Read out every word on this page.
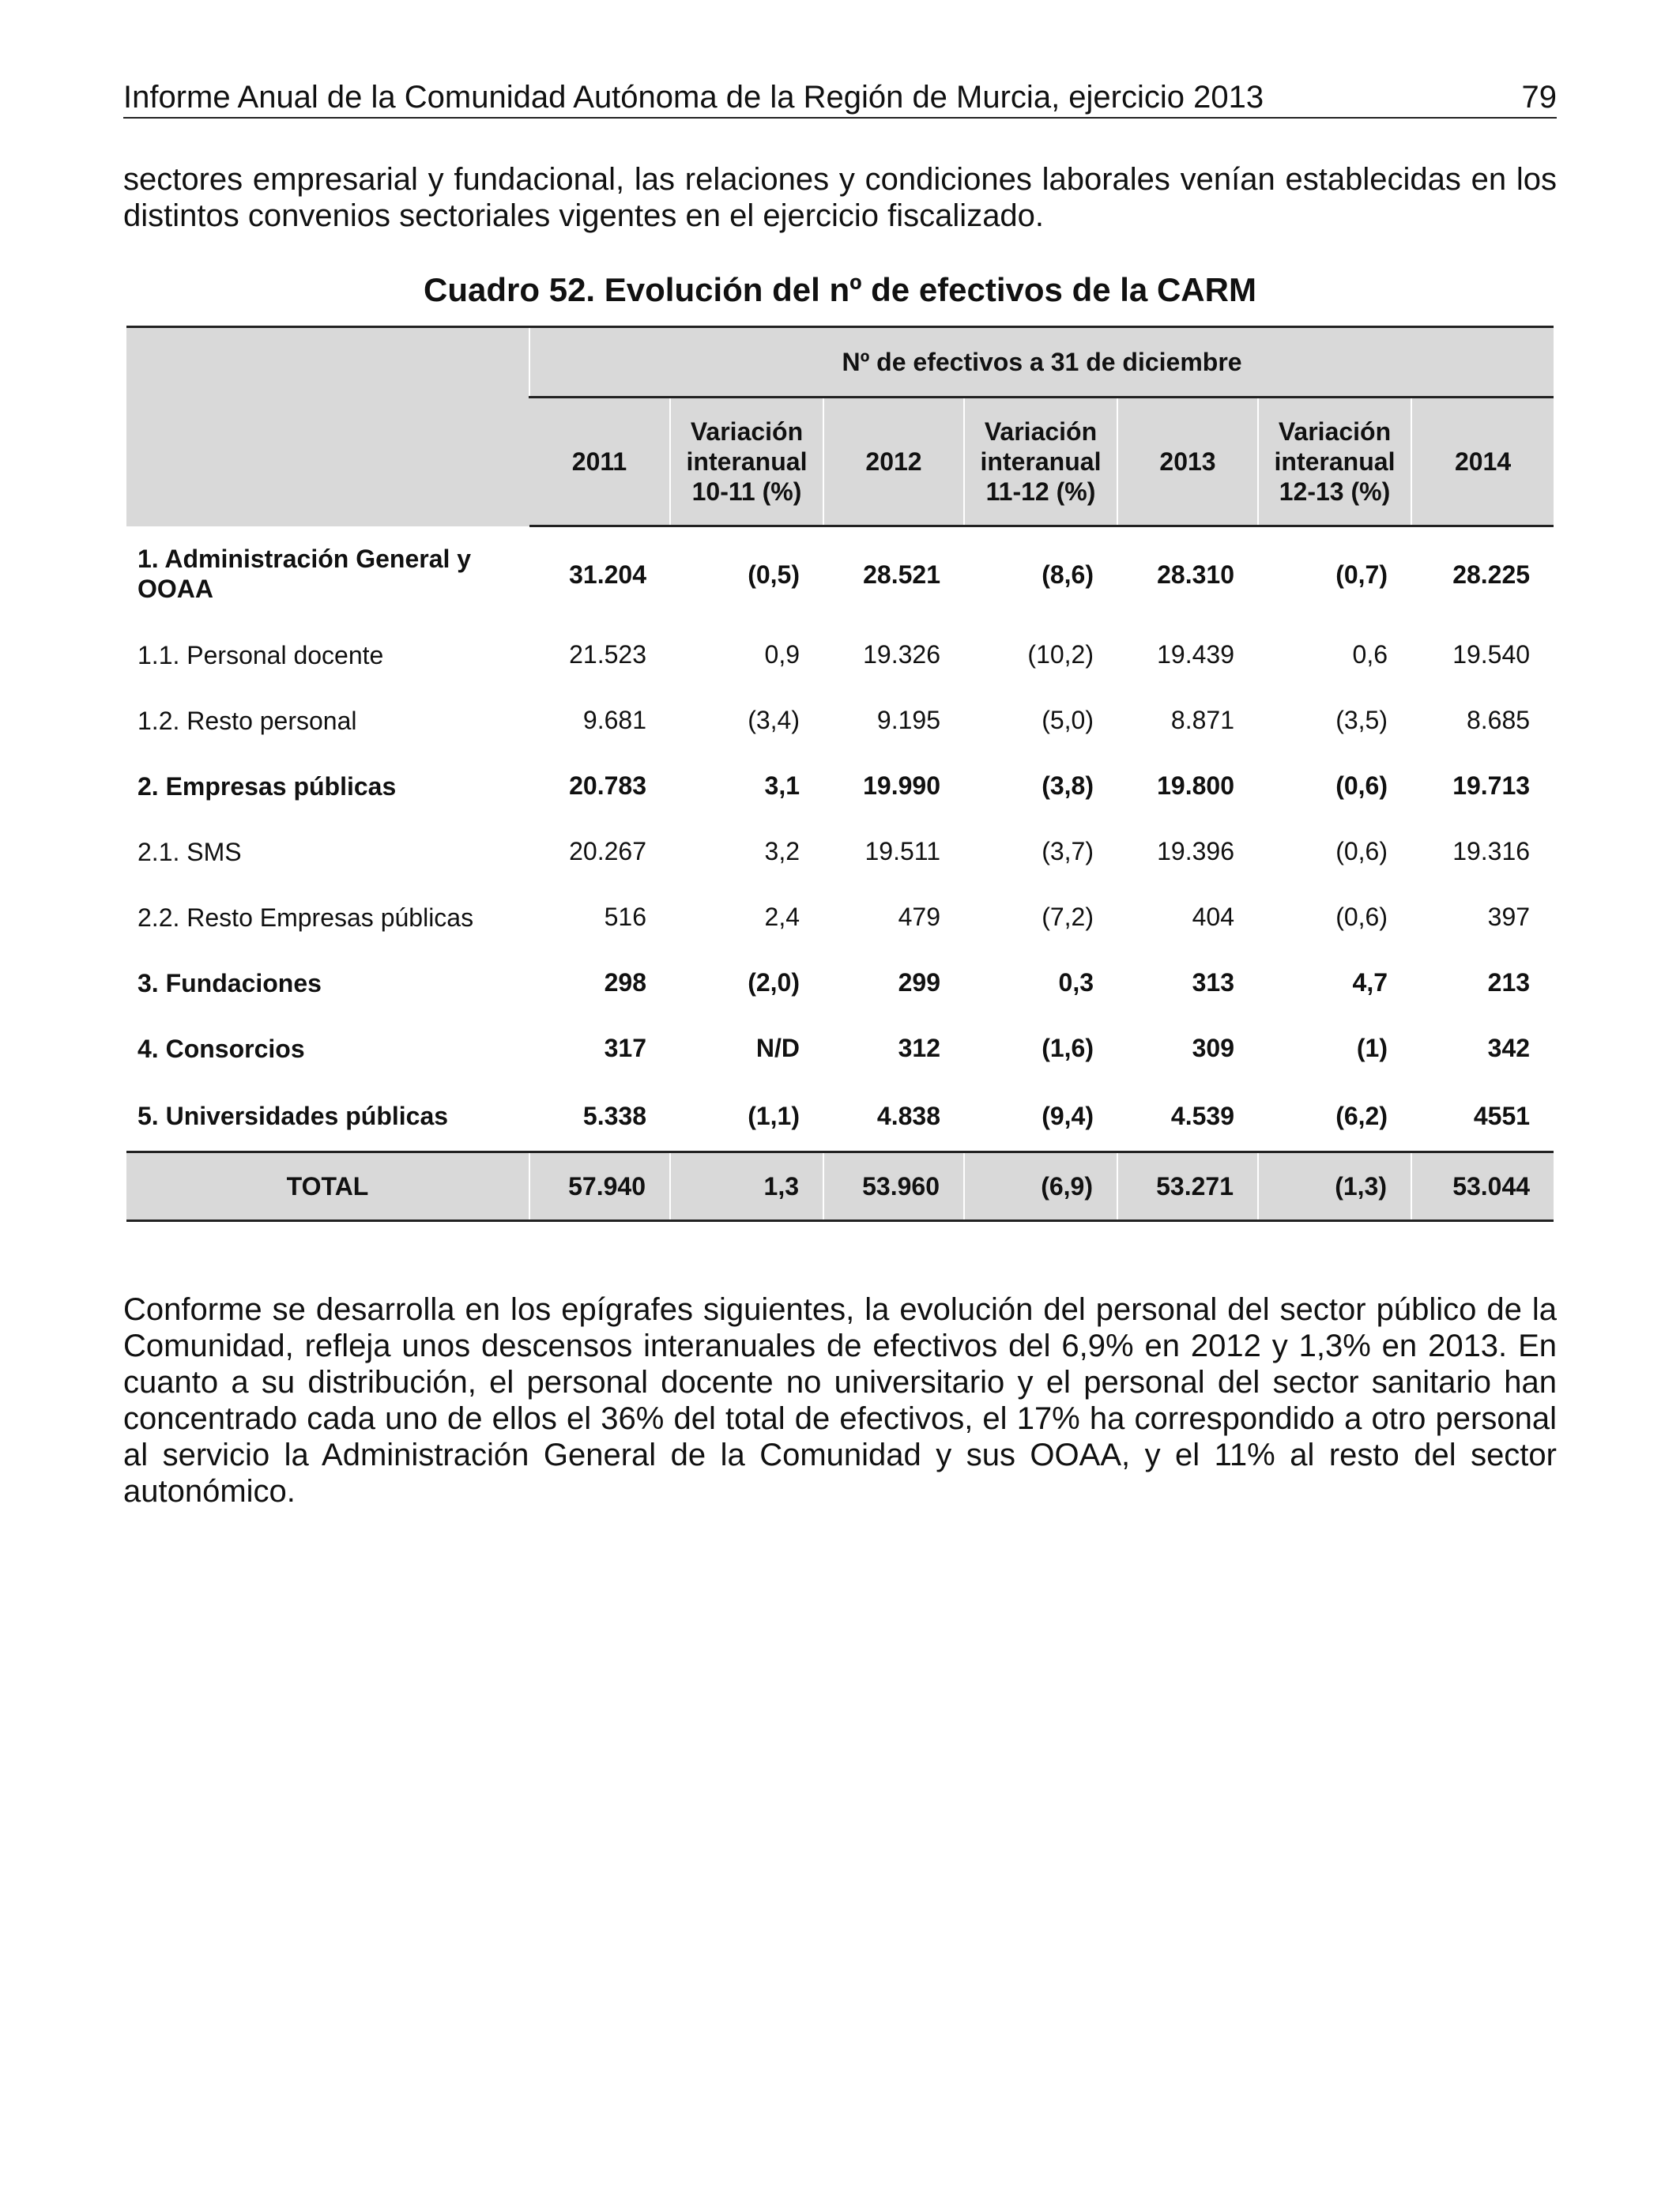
Informe Anual de la Comunidad Autónoma de la Región de Murcia, ejercicio 2013	79

sectores empresarial y fundacional, las relaciones y condiciones laborales venían establecidas en los distintos convenios sectoriales vigentes en el ejercicio fiscalizado.

Cuadro 52. Evolución del nº de efectivos de la CARM
	Nº de efectivos a 31 de diciembre						
	2011	Variación interanual 10-11 (%)	2012	Variación interanual 11-12 (%)	2013	Variación interanual 12-13 (%)	2014
1. Administración General y OOAA	31.204	(0,5)	28.521	(8,6)	28.310	(0,7)	28.225
1.1. Personal docente	21.523	0,9	19.326	(10,2)	19.439	0,6	19.540
1.2. Resto personal	9.681	(3,4)	9.195	(5,0)	8.871	(3,5)	8.685
2. Empresas públicas	20.783	3,1	19.990	(3,8)	19.800	(0,6)	19.713
2.1. SMS	20.267	3,2	19.511	(3,7)	19.396	(0,6)	19.316
2.2. Resto Empresas públicas	516	2,4	479	(7,2)	404	(0,6)	397
3. Fundaciones	298	(2,0)	299	0,3	313	4,7	213
4. Consorcios	317	N/D	312	(1,6)	309	(1)	342
5. Universidades públicas	5.338	(1,1)	4.838	(9,4)	4.539	(6,2)	4551
TOTAL	57.940	1,3	53.960	(6,9)	53.271	(1,3)	53.044

Conforme se desarrolla en los epígrafes siguientes, la evolución del personal del sector público de la Comunidad, refleja unos descensos interanuales de efectivos del 6,9% en 2012 y 1,3% en 2013. En cuanto a su distribución, el personal docente no universitario y el personal del sector sanitario han concentrado cada uno de ellos el 36% del total de efectivos, el 17% ha correspondido a otro personal al servicio la Administración General de la Comunidad y sus OOAA, y el 11% al resto del sector autonómico.
